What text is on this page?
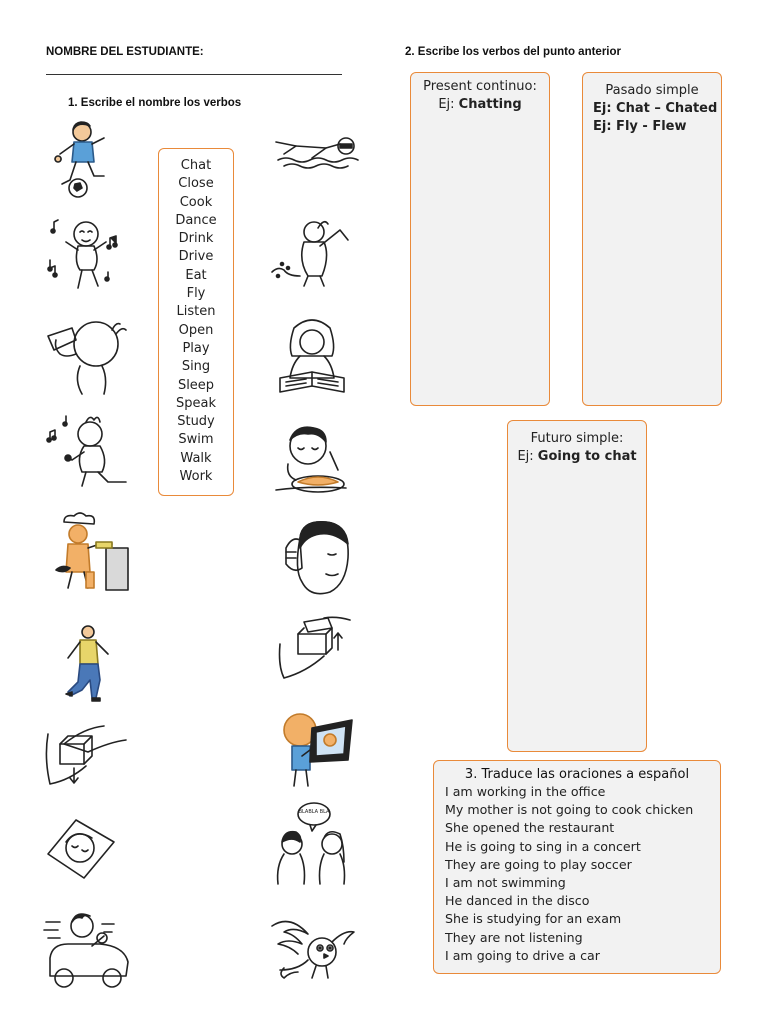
NOMBRE DEL ESTUDIANTE:
1. Escribe el nombre los verbos
2. Escribe los verbos del punto anterior
Chat
Close
Cook
Dance
Drink
Drive
Eat
Fly
Listen
Open
Play
Sing
Sleep
Speak
Study
Swim
Walk
Work
Present continuo:
Ej: Chatting
Pasado simple
Ej: Chat – Chated
Ej: Fly - Flew
Futuro simple:
Ej: Going to chat
3. Traduce las oraciones a español
I am working in the office
My mother is not going to cook chicken
She opened the restaurant
He is going to sing in a concert
They are going to play soccer
I am not swimming
He danced in the disco
She is studying for an exam
They are not listening
I am going to drive a car
BLABLA BLA
